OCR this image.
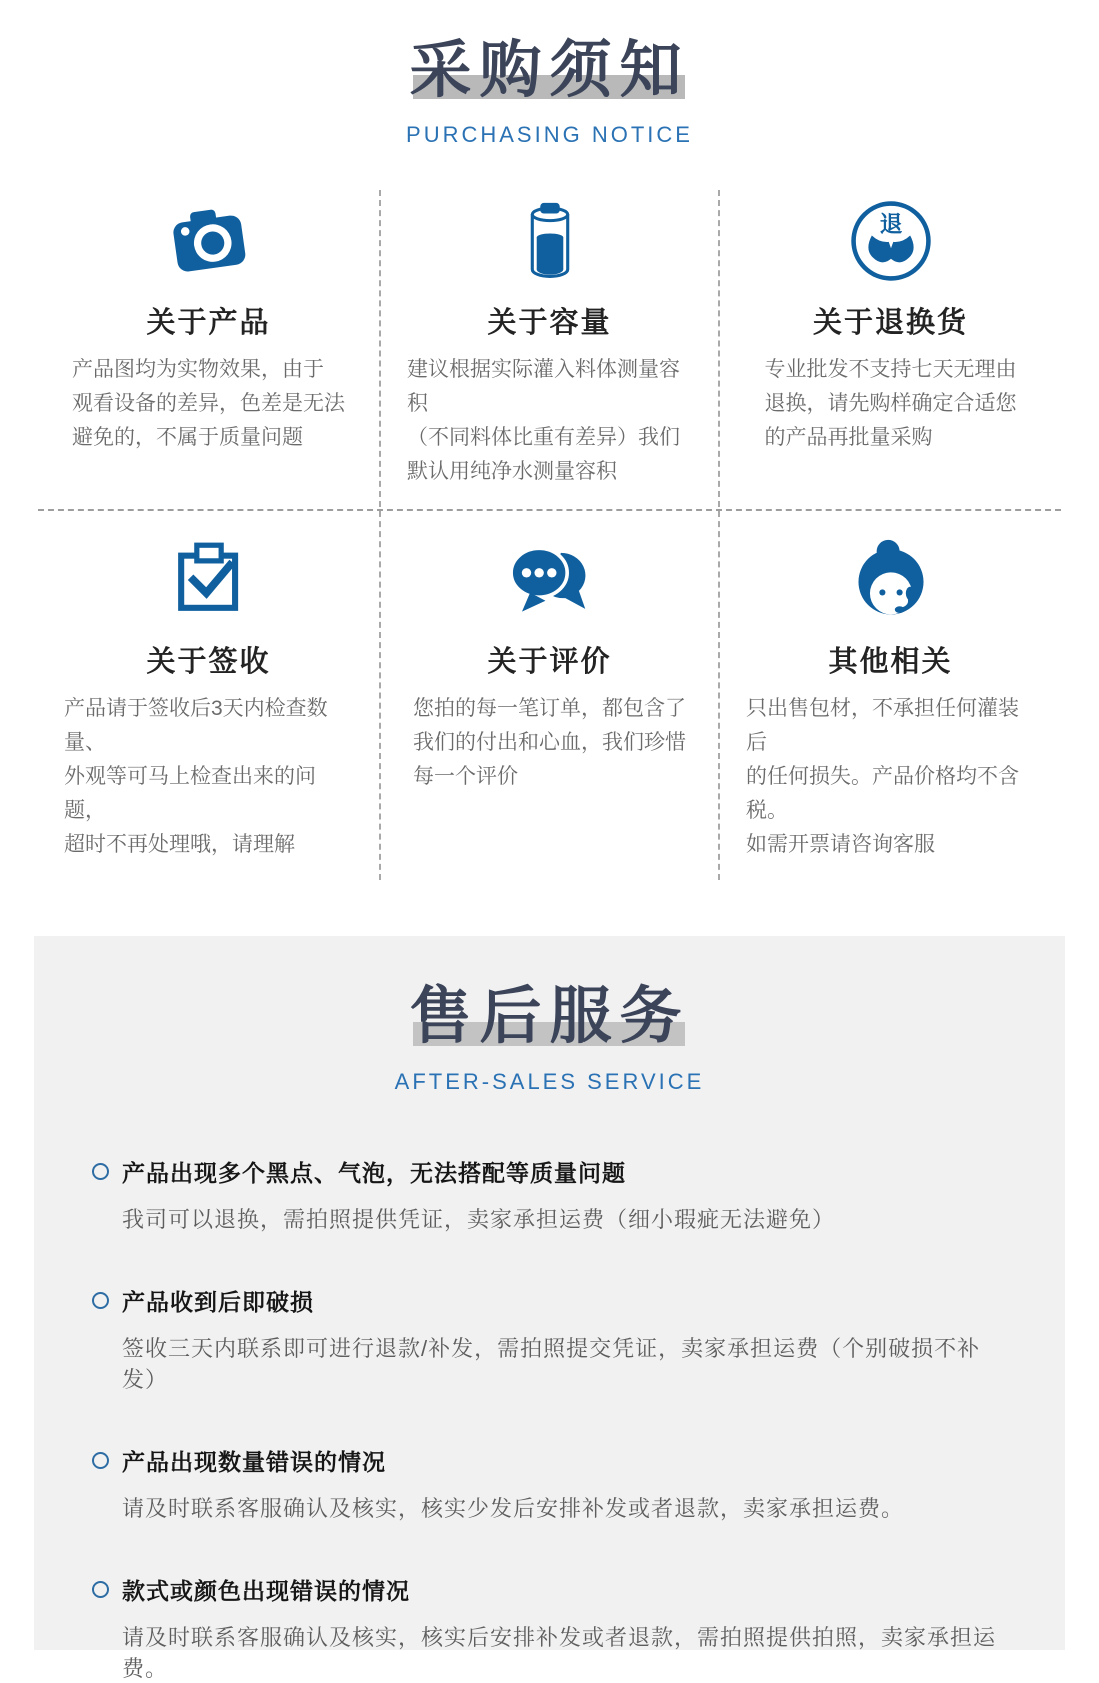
采购须知
PURCHASING NOTICE
关于产品

产品图均为实物效果，由于
观看设备的差异，色差是无法
避免的，不属于质量问题

关于容量

建议根据实际灌入料体测量容积
（不同料体比重有差异）我们
默认用纯净水测量容积

退
关于退换货

专业批发不支持七天无理由
退换，请先购样确定合适您
的产品再批量采购

关于签收

产品请于签收后3天内检查数量、
外观等可马上检查出来的问题，
超时不再处理哦，请理解

关于评价

您拍的每一笔订单，都包含了
我们的付出和心血，我们珍惜
每一个评价

其他相关

只出售包材，不承担任何灌装后
的任何损失。产品价格均不含税。
如需开票请咨询客服

售后服务
AFTER-SALES SERVICE
产品出现多个黑点、气泡，无法搭配等质量问题
我司可以退换，需拍照提供凭证，卖家承担运费（细小瑕疵无法避免）
产品收到后即破损
签收三天内联系即可进行退款/补发，需拍照提交凭证，卖家承担运费（个别破损不补发）
产品出现数量错误的情况
请及时联系客服确认及核实，核实少发后安排补发或者退款，卖家承担运费。
款式或颜色出现错误的情况
请及时联系客服确认及核实，核实后安排补发或者退款，需拍照提供拍照，卖家承担运费。
